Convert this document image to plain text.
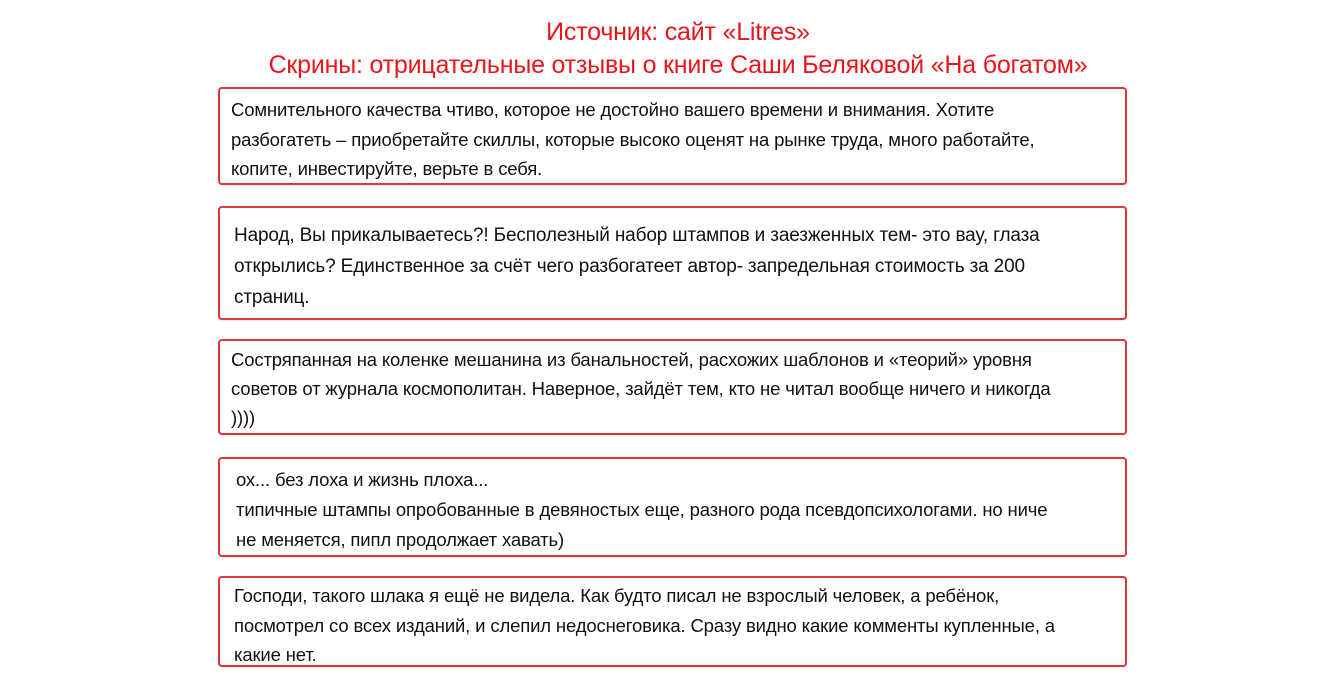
Источник: сайт «Litres»
Скрины: отрицательные отзывы о книге Саши Беляковой «На богатом»

Сомнительного качества чтиво, которое не достойно вашего времени и внимания. Хотите

разбогатеть – приобретайте скиллы, которые высоко оценят на рынке труда, много работайте,

копите, инвестируйте, верьте в себя.

Народ, Вы прикалываетесь?! Бесполезный набор штампов и заезженных тем- это вау, глаза

открылись? Единственное за счёт чего разбогатеет автор- запредельная стоимость за 200

страниц.

Состряпанная на коленке мешанина из банальностей, расхожих шаблонов и «теорий» уровня

советов от журнала космополитан. Наверное, зайдёт тем, кто не читал вообще ничего и никогда

))))

ох... без лоха и жизнь плоха...

типичные штампы опробованные в девяностых еще, разного рода псевдопсихологами. но ниче

не меняется, пипл продолжает хавать)

Господи, такого шлака я ещё не видела. Как будто писал не взрослый человек, а ребёнок,

посмотрел со всех изданий, и слепил недоснеговика. Сразу видно какие комменты купленные, а

какие нет.
